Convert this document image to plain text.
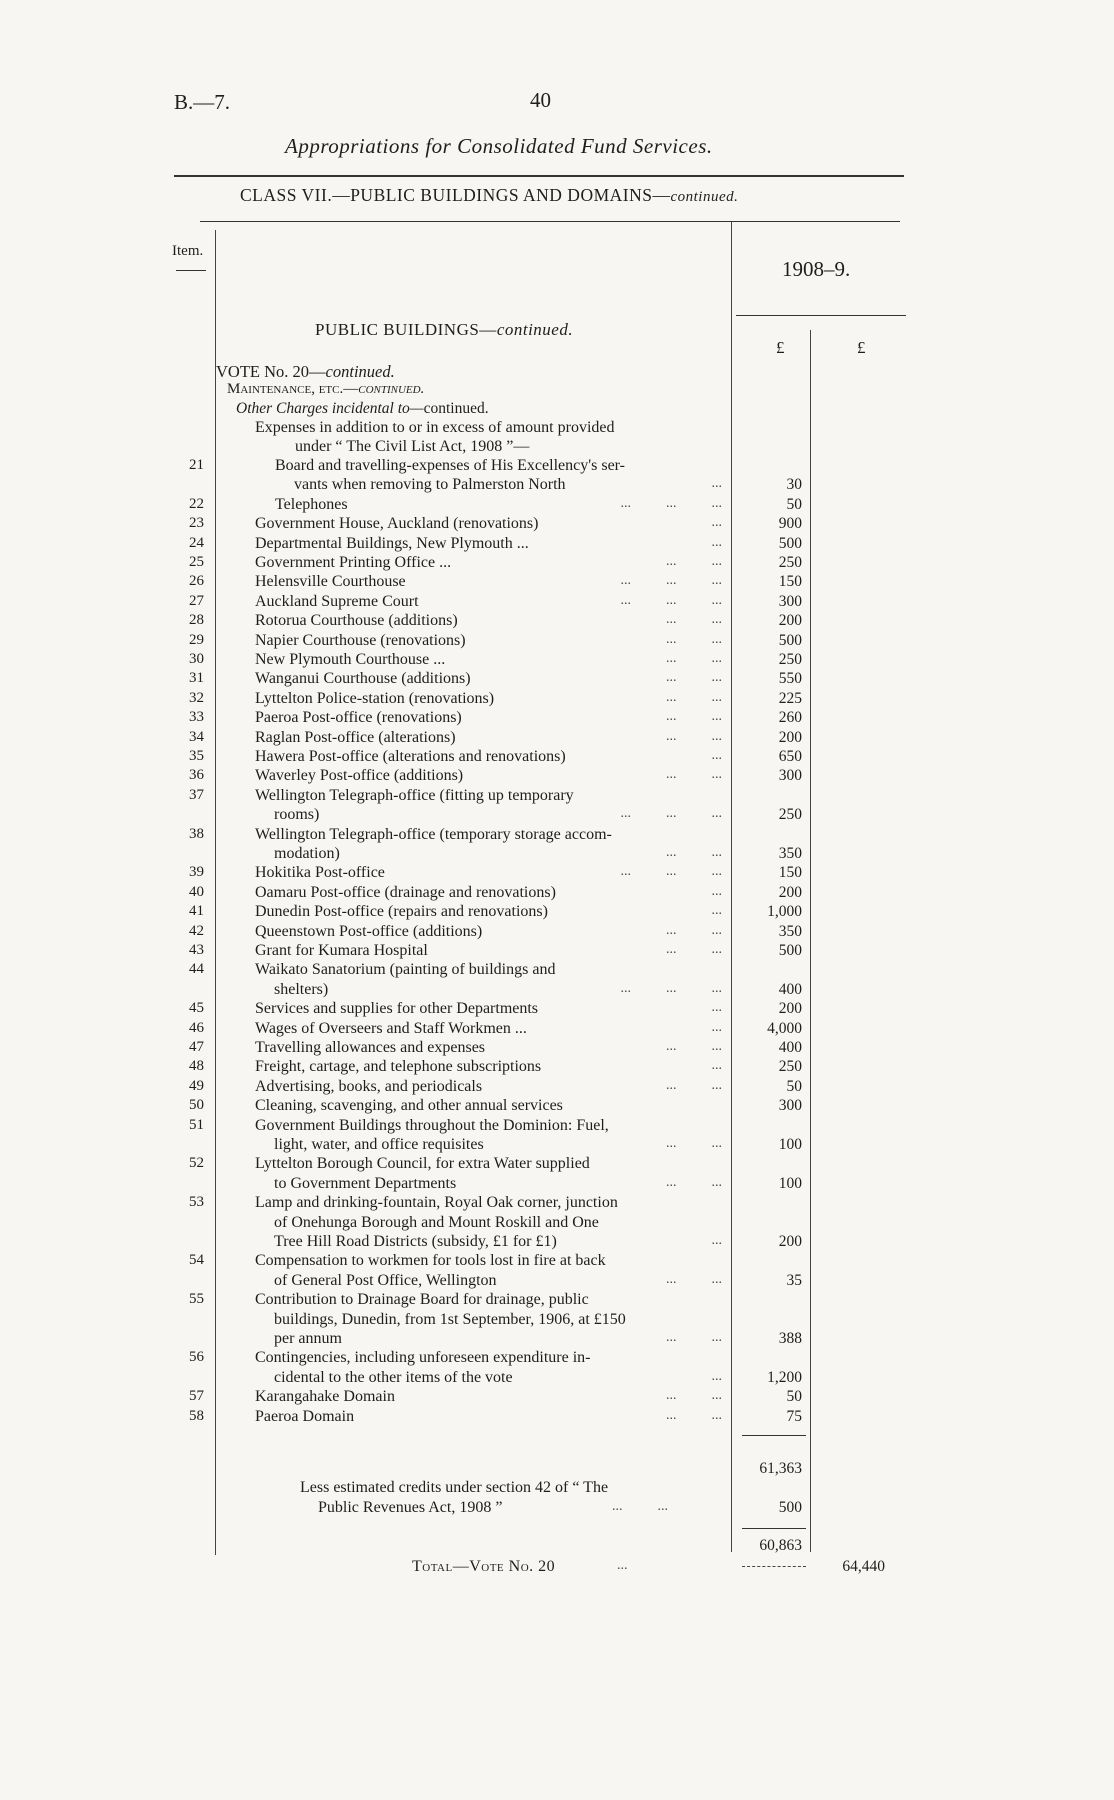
B.—7.	40
Appropriations for Consolidated Fund Services.
CLASS VII.—PUBLIC BUILDINGS AND DOMAINS—continued.
Item.
1908–9.
£	£
PUBLIC BUILDINGS—continued.
VOTE No. 20—continued.
Maintenance, etc.—continued.
Other Charges incidental to—continued.
Expenses in addition to or in excess of amount provided
under “ The Civil List Act, 1908 ”—
21	Board and travelling-expenses of His Excellency's ser-
vants when removing to Palmerston North	...	30
22	Telephones	...          ...          ...	50
23	Government House, Auckland (renovations)	...	900
24	Departmental Buildings, New Plymouth ...	...	500
25	Government Printing Office ...	...          ...	250
26	Helensville Courthouse	...          ...          ...	150
27	Auckland Supreme Court	...          ...          ...	300
28	Rotorua Courthouse (additions)	...          ...	200
29	Napier Courthouse (renovations)	...          ...	500
30	New Plymouth Courthouse ...	...          ...	250
31	Wanganui Courthouse (additions)	...          ...	550
32	Lyttelton Police-station (renovations)	...          ...	225
33	Paeroa Post-office (renovations)	...          ...	260
34	Raglan Post-office (alterations)	...          ...	200
35	Hawera Post-office (alterations and renovations)	...	650
36	Waverley Post-office (additions)	...          ...	300
37	Wellington Telegraph-office (fitting up temporary
rooms)	...          ...          ...	250
38	Wellington Telegraph-office (temporary storage accom-
modation)	...          ...	350
39	Hokitika Post-office	...          ...          ...	150
40	Oamaru Post-office (drainage and renovations)	...	200
41	Dunedin Post-office (repairs and renovations)	...	1,000
42	Queenstown Post-office (additions)	...          ...	350
43	Grant for Kumara Hospital	...          ...	500
44	Waikato Sanatorium (painting of buildings and
shelters)	...          ...          ...	400
45	Services and supplies for other Departments	...	200
46	Wages of Overseers and Staff Workmen ...	...	4,000
47	Travelling allowances and expenses	...          ...	400
48	Freight, cartage, and telephone subscriptions	...	250
49	Advertising, books, and periodicals	...          ...	50
50	Cleaning, scavenging, and other annual services	300
51	Government Buildings throughout the Dominion: Fuel,
light, water, and office requisites	...          ...	100
52	Lyttelton Borough Council, for extra Water supplied
to Government Departments	...          ...	100
53	Lamp and drinking-fountain, Royal Oak corner, junction
of Onehunga Borough and Mount Roskill and One
Tree Hill Road Districts (subsidy, £1 for £1)	...	200
54	Compensation to workmen for tools lost in fire at back
of General Post Office, Wellington	...          ...	35
55	Contribution to Drainage Board for drainage, public
buildings, Dunedin, from 1st September, 1906, at £150
per annum	...          ...	388
56	Contingencies, including unforeseen expenditure in-
cidental to the other items of the vote	...	1,200
57	Karangahake Domain	...          ...	50
58	Paeroa Domain	...          ...	75
61,363
Less estimated credits under section 42 of “ The
Public Revenues Act, 1908 ”	...          ...	500
60,863
Total—Vote No. 20	...	64,440
